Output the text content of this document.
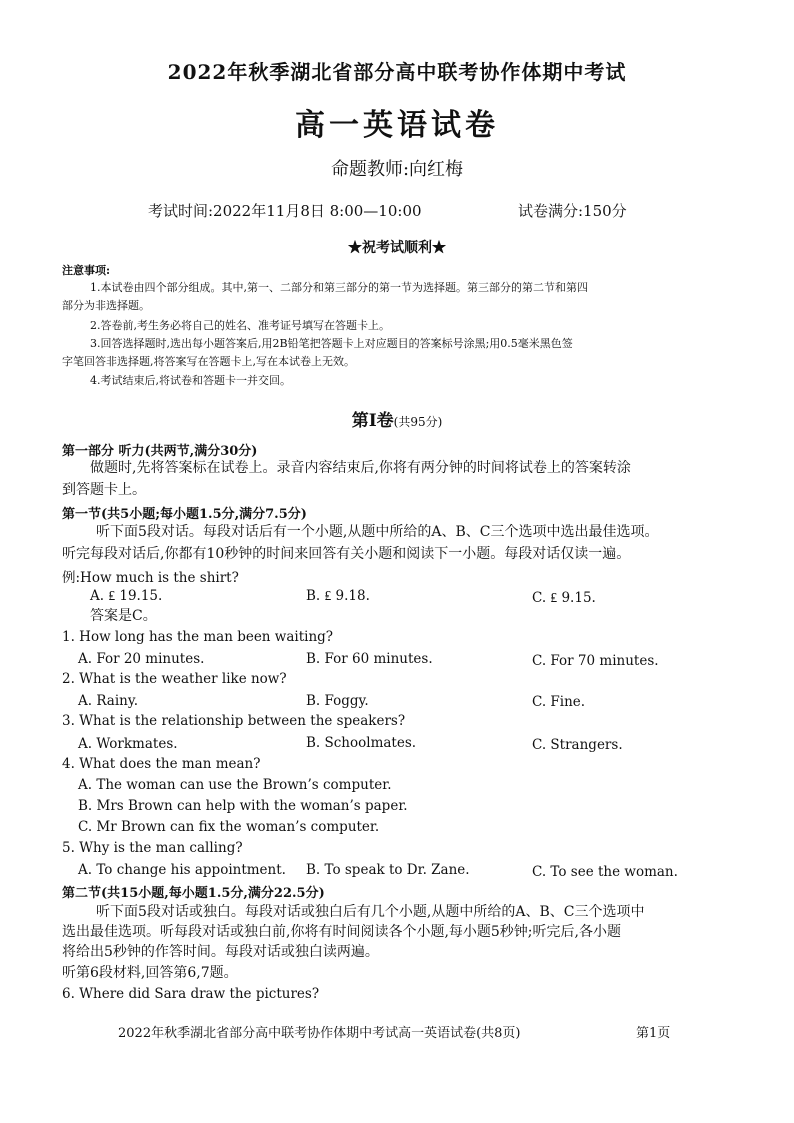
2022年秋季湖北省部分高中联考协作体期中考试
高一英语试卷
命题教师:向红梅
考试时间:2022年11月8日 8:00—10:00	试卷满分:150分
★祝考试顺利★
注意事项:
1.本试卷由四个部分组成。其中,第一、二部分和第三部分的第一节为选择题。第三部分的第二节和第四
部分为非选择题。
2.答卷前,考生务必将自己的姓名、准考证号填写在答题卡上。
3.回答选择题时,选出每小题答案后,用2B铅笔把答题卡上对应题目的答案标号涂黑;用0.5毫米黑色签
字笔回答非选择题,将答案写在答题卡上,写在本试卷上无效。
4.考试结束后,将试卷和答题卡一并交回。
第Ⅰ卷(共95分)
第一部分 听力(共两节,满分30分)
做题时,先将答案标在试卷上。录音内容结束后,你将有两分钟的时间将试卷上的答案转涂
到答题卡上。
第一节(共5小题;每小题1.5分,满分7.5分)
听下面5段对话。每段对话后有一个小题,从题中所给的A、B、C三个选项中选出最佳选项。
听完每段对话后,你都有10秒钟的时间来回答有关小题和阅读下一小题。每段对话仅读一遍。
例:How much is the shirt?
A. ₤ 19.15.	B. ₤ 9.18.	C. ₤ 9.15.
答案是C。
1. How long has the man been waiting?
A. For 20 minutes.	B. For 60 minutes.	C. For 70 minutes.
2. What is the weather like now?
A. Rainy.	B. Foggy.	C. Fine.
3. What is the relationship between the speakers?
A. Workmates.	B. Schoolmates.	C. Strangers.
4. What does the man mean?
A. The woman can use the Brown’s computer.
B. Mrs Brown can help with the woman’s paper.
C. Mr Brown can fix the woman’s computer.
5. Why is the man calling?
A. To change his appointment. B. To speak to Dr. Zane.	C. To see the woman.
第二节(共15小题,每小题1.5分,满分22.5分)
听下面5段对话或独白。每段对话或独白后有几个小题,从题中所给的A、B、C三个选项中
选出最佳选项。听每段对话或独白前,你将有时间阅读各个小题,每小题5秒钟;听完后,各小题
将给出5秒钟的作答时间。每段对话或独白读两遍。
听第6段材料,回答第6,7题。
6. Where did Sara draw the pictures?
2022年秋季湖北省部分高中联考协作体期中考试高一英语试卷(共8页)	第1页
